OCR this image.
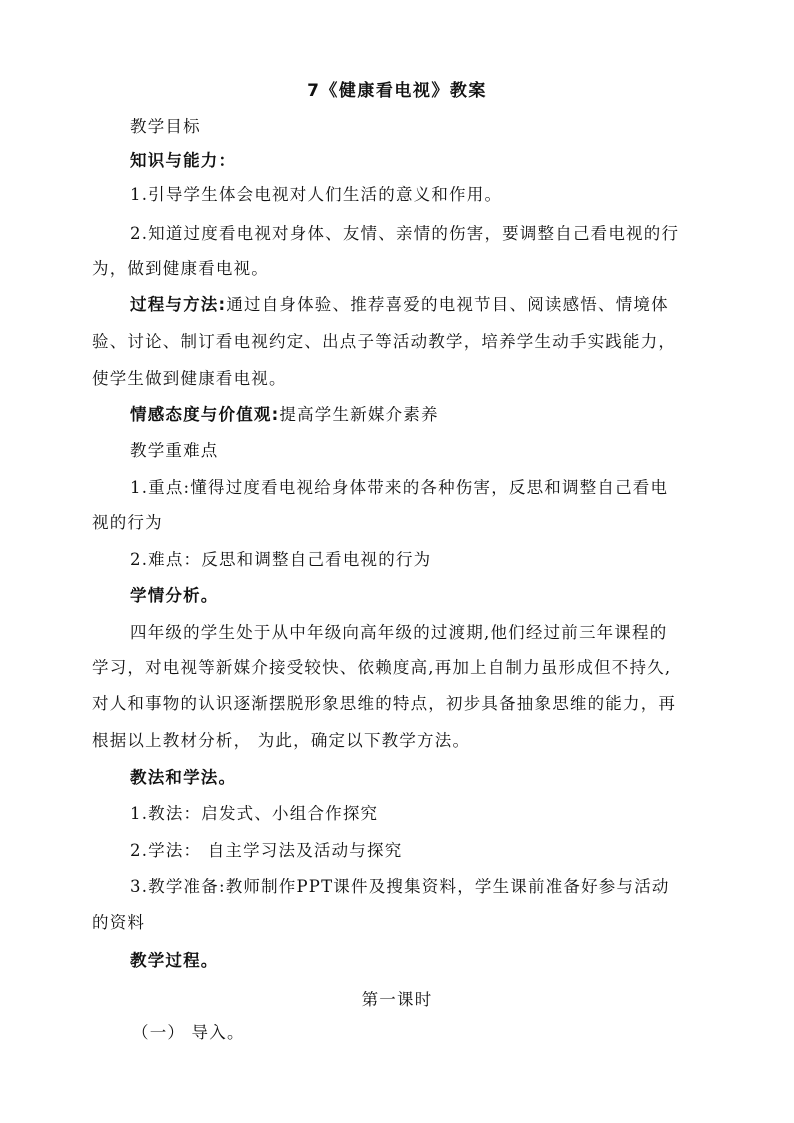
7《健康看电视》教案
教学目标
知识与能力：
1.引导学生体会电视对人们生活的意义和作用。
2.知道过度看电视对身体、友情、亲情的伤害，要调整自己看电视的行
为，做到健康看电视。
过程与方法:通过自身体验、推荐喜爱的电视节目、阅读感悟、情境体
验、讨论、制订看电视约定、出点子等活动教学，培养学生动手实践能力，
使学生做到健康看电视。
情感态度与价值观:提高学生新媒介素养
教学重难点
1.重点:懂得过度看电视给身体带来的各种伤害，反思和调整自己看电
视的行为
2.难点：反思和调整自己看电视的行为
学情分析。
四年级的学生处于从中年级向高年级的过渡期,他们经过前三年课程的
学习，对电视等新媒介接受较快、依赖度高,再加上自制力虽形成但不持久,
对人和事物的认识逐渐摆脱形象思维的特点，初步具备抽象思维的能力，再
根据以上教材分析， 为此，确定以下教学方法。
教法和学法。
1.教法：启发式、小组合作探究
2.学法： 自主学习法及活动与探究
3.教学准备:教师制作PPT课件及搜集资料，学生课前准备好参与活动
的资料
教学过程。
第一课时
（一） 导入。
